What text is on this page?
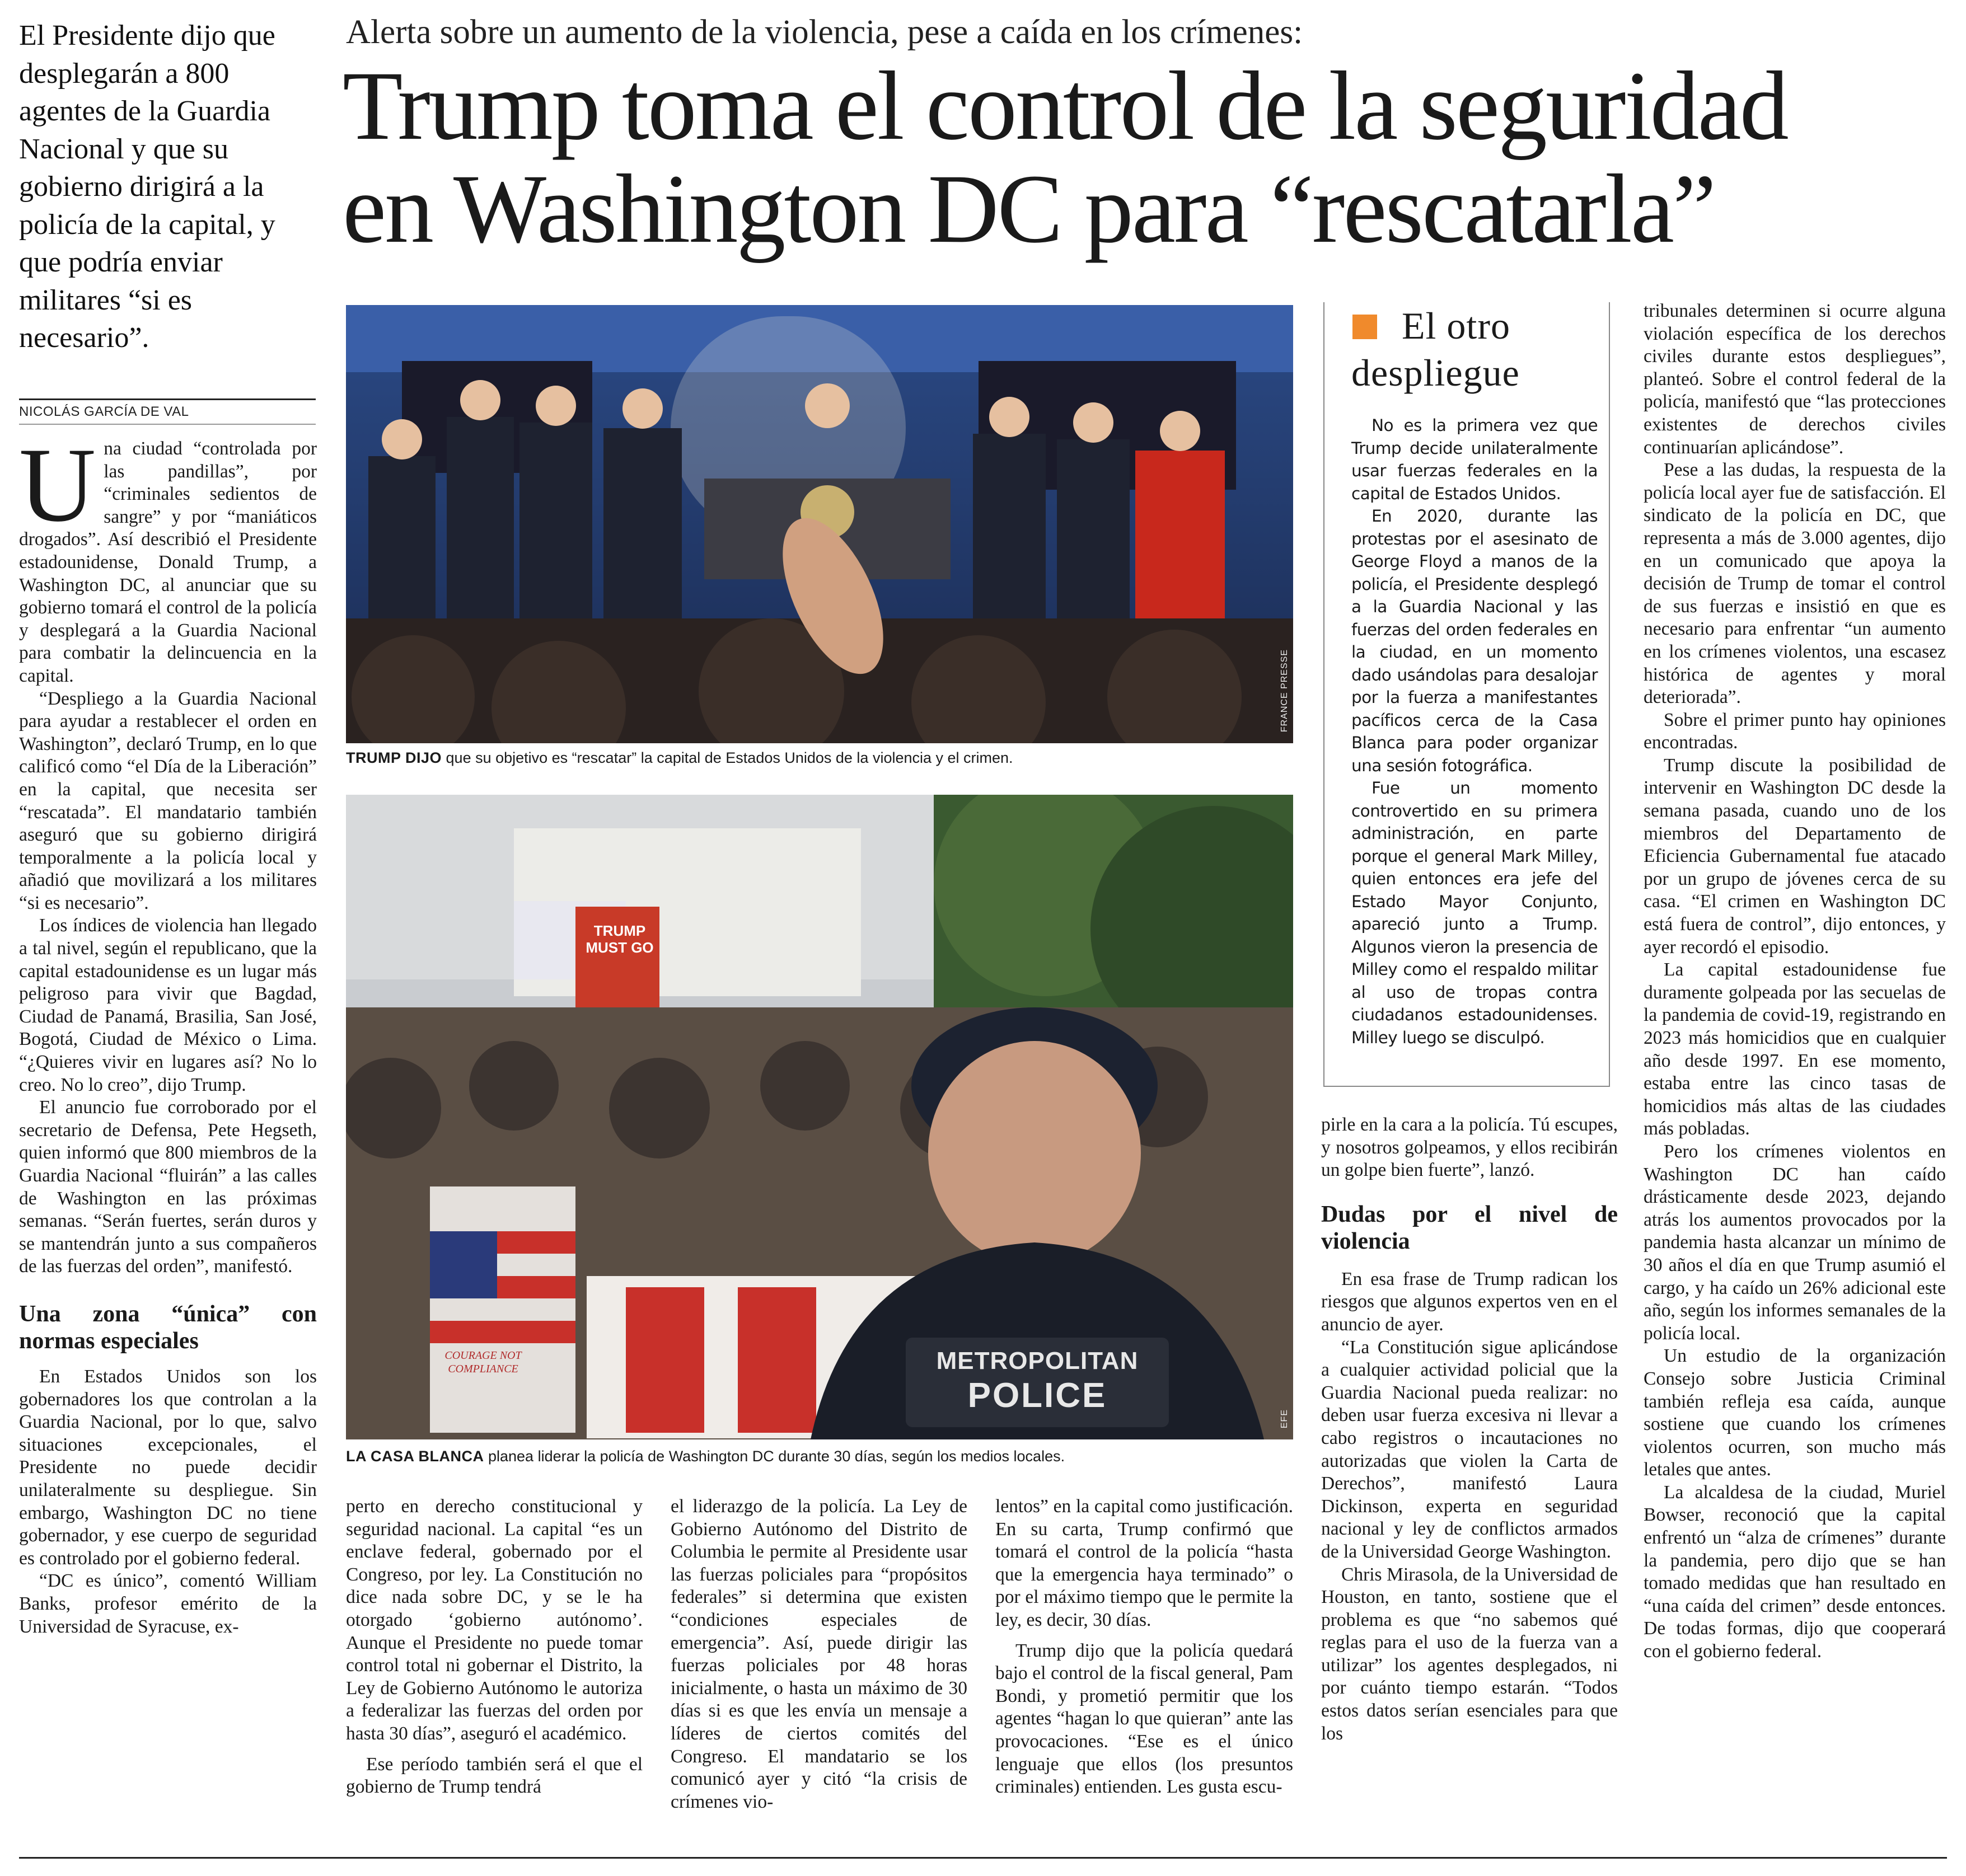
El Presidente dijo que desplegarán a 800 agentes de la Guardia Nacional y que su gobierno dirigirá a la policía de la capital, y que podría enviar militares “si es necesario”.
NICOLÁS GARCÍA DE VAL
Alerta sobre un aumento de la violencia, pese a caída en los crímenes:
Trump toma el control de la seguridad
en Washington DC para “rescatarla”

Una ciudad “controlada por las pandillas”, por “criminales sedientos de sangre” y por “maniáticos drogados”. Así describió el Presidente estadounidense, Donald Trump, a Washington DC, al anunciar que su gobierno tomará el control de la policía y desplegará a la Guardia Nacional para combatir la delincuencia en la capital.

“Despliego a la Guardia Nacional para ayudar a restablecer el orden en Washington”, declaró Trump, en lo que calificó como “el Día de la Liberación” en la capital, que necesita ser “rescatada”. El mandatario también aseguró que su gobierno dirigirá temporalmente a la policía local y añadió que movilizará a los militares “si es necesario”.

Los índices de violencia han llegado a tal nivel, según el republicano, que la capital estadounidense es un lugar más peligroso para vivir que Bagdad, Ciudad de Panamá, Brasilia, San José, Bogotá, Ciudad de México o Lima. “¿Quieres vivir en lugares así? No lo creo. No lo creo”, dijo Trump.

El anuncio fue corroborado por el secretario de Defensa, Pete Hegseth, quien informó que 800 miembros de la Guardia Nacional “fluirán” a las calles de Washington en las próximas semanas. “Serán fuertes, serán duros y se mantendrán junto a sus compañeros de las fuerzas del orden”, manifestó.

Una zona “única” con normas especiales

En Estados Unidos son los gobernadores los que controlan a la Guardia Nacional, por lo que, salvo situaciones excepcionales, el Presidente no puede decidir unilateralmente su despliegue. Sin embargo, Washington DC no tiene gobernador, y ese cuerpo de seguridad es controlado por el gobierno federal.

“DC es único”, comentó William Banks, profesor emérito de la Universidad de Syracuse, ex-

FRANCE PRESSE
TRUMP DIJO que su objetivo es “rescatar” la capital de Estados Unidos de la violencia y el crimen.
TRUMP MUST GO
COURAGE NOT COMPLIANCE	METROPOLITAN
POLICE
EFE
LA CASA BLANCA planea liderar la policía de Washington DC durante 30 días, según los medios locales.

perto en derecho constitucional y seguridad nacional. La capital “es un enclave federal, gobernado por el Congreso, por ley. La Constitución no dice nada sobre DC, y se le ha otorgado ‘gobierno autónomo’. Aunque el Presidente no puede tomar control total ni gobernar el Distrito, la Ley de Gobierno Autónomo le autoriza a federalizar las fuerzas del orden por hasta 30 días”, aseguró el académico.

Ese período también será el que el gobierno de Trump tendrá

el liderazgo de la policía. La Ley de Gobierno Autónomo del Distrito de Columbia le permite al Presidente usar las fuerzas policiales para “propósitos federales” si determina que existen “condiciones especiales de emergencia”. Así, puede dirigir las fuerzas policiales por 48 horas inicialmente, o hasta un máximo de 30 días si es que les envía un mensaje a líderes de ciertos comités del Congreso. El mandatario se los comunicó ayer y citó “la crisis de crímenes vio-

lentos” en la capital como justificación. En su carta, Trump confirmó que tomará el control de la policía “hasta que la emergencia haya terminado” o por el máximo tiempo que le permite la ley, es decir, 30 días.

Trump dijo que la policía quedará bajo el control de la fiscal general, Pam Bondi, y prometió permitir que los agentes “hagan lo que quieran” ante las provocaciones. “Ese es el único lenguaje que ellos (los presuntos criminales) entienden. Les gusta escu-

El otro despliegue

No es la primera vez que Trump decide unilateralmente usar fuerzas federales en la capital de Estados Unidos.

En 2020, durante las protestas por el asesinato de George Floyd a manos de la policía, el Presidente desplegó a la Guardia Nacional y las fuerzas del orden federales en la ciudad, en un momento dado usándolas para desalojar por la fuerza a manifestantes pacíficos cerca de la Casa Blanca para poder organizar una sesión fotográfica.

Fue un momento controvertido en su primera administración, en parte porque el general Mark Milley, quien entonces era jefe del Estado Mayor Conjunto, apareció junto a Trump. Algunos vieron la presencia de Milley como el respaldo militar al uso de tropas contra ciudadanos estadounidenses. Milley luego se disculpó.

pirle en la cara a la policía. Tú escupes, y nosotros golpeamos, y ellos recibirán un golpe bien fuerte”, lanzó.

Dudas por el nivel de violencia

En esa frase de Trump radican los riesgos que algunos expertos ven en el anuncio de ayer.

“La Constitución sigue aplicándose a cualquier actividad policial que la Guardia Nacional pueda realizar: no deben usar fuerza excesiva ni llevar a cabo registros o incautaciones no autorizadas que violen la Carta de Derechos”, manifestó Laura Dickinson, experta en seguridad nacional y ley de conflictos armados de la Universidad George Washington.

Chris Mirasola, de la Universidad de Houston, en tanto, sostiene que el problema es que “no sabemos qué reglas para el uso de la fuerza van a utilizar” los agentes desplegados, ni por cuánto tiempo estarán. “Todos estos datos serían esenciales para que los

tribunales determinen si ocurre alguna violación específica de los derechos civiles durante estos despliegues”, planteó. Sobre el control federal de la policía, manifestó que “las protecciones existentes de derechos civiles continuarían aplicándose”.

Pese a las dudas, la respuesta de la policía local ayer fue de satisfacción. El sindicato de la policía en DC, que representa a más de 3.000 agentes, dijo en un comunicado que apoya la decisión de Trump de tomar el control de sus fuerzas e insistió en que es necesario para enfrentar “un aumento en los crímenes violentos, una escasez histórica de agentes y moral deteriorada”.

Sobre el primer punto hay opiniones encontradas.

Trump discute la posibilidad de intervenir en Washington DC desde la semana pasada, cuando uno de los miembros del Departamento de Eficiencia Gubernamental fue atacado por un grupo de jóvenes cerca de su casa. “El crimen en Washington DC está fuera de control”, dijo entonces, y ayer recordó el episodio.

La capital estadounidense fue duramente golpeada por las secuelas de la pandemia de covid-19, registrando en 2023 más homicidios que en cualquier año desde 1997. En ese momento, estaba entre las cinco tasas de homicidios más altas de las ciudades más pobladas.

Pero los crímenes violentos en Washington DC han caído drásticamente desde 2023, dejando atrás los aumentos provocados por la pandemia hasta alcanzar un mínimo de 30 años el día en que Trump asumió el cargo, y ha caído un 26% adicional este año, según los informes semanales de la policía local.

Un estudio de la organización Consejo sobre Justicia Criminal también refleja esa caída, aunque sostiene que cuando los crímenes violentos ocurren, son mucho más letales que antes.

La alcaldesa de la ciudad, Muriel Bowser, reconoció que la capital enfrentó un “alza de crímenes” durante la pandemia, pero dijo que se han tomado medidas que han resultado en “una caída del crimen” desde entonces. De todas formas, dijo que cooperará con el gobierno federal.
